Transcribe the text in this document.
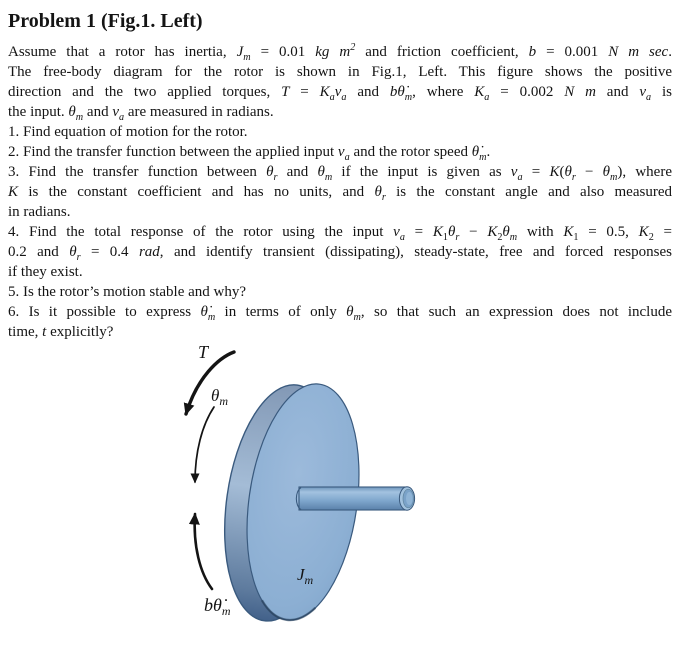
Problem 1 (Fig.1. Left)
Assume that a rotor has inertia, $J_m = 0.01$ kg $m^2$ and friction coefficient, b = 0.001 N m sec.
The free-body diagram for the rotor is shown in Fig.1, Left. This figure shows the positive
direction and the two applied torques, $T = K_av_a$ and $b\thetȧ_m$, where $K_a = 0.002$ N m and $v_a$ is
the input. $\theta_m$ and $v_a$ are measured in radians.
1. Find equation of motion for the rotor.
2. Find the transfer function between the applied input $v_a$ and the rotor speed $\thetȧ_m$.
3. Find the transfer function between $\theta_r$ and $\theta_m$ if the input is given as $v_a = K(\theta_r - \theta_m)$, where
K is the constant coefficient and has no units, and $\theta_r$ is the constant angle and also measured
in radians.
4. Find the total response of the rotor using the input $v_a = K_1\theta_r - K_2\theta_m$ with $K_1 = 0.5$, $K_2$ =
0.2 and $\theta_r = 0.4$ rad, and identify transient (dissipating), steady-state, free and forced responses
if they exist.
5. Is the rotor’s motion stable and why?
6. Is it possible to express $\thetȧ_m$ in terms of only $\theta_m$, so that such an expression does not include
time, t explicitly?
T
$\theta_m$
$b\thetȧ_m$
$J_m$
